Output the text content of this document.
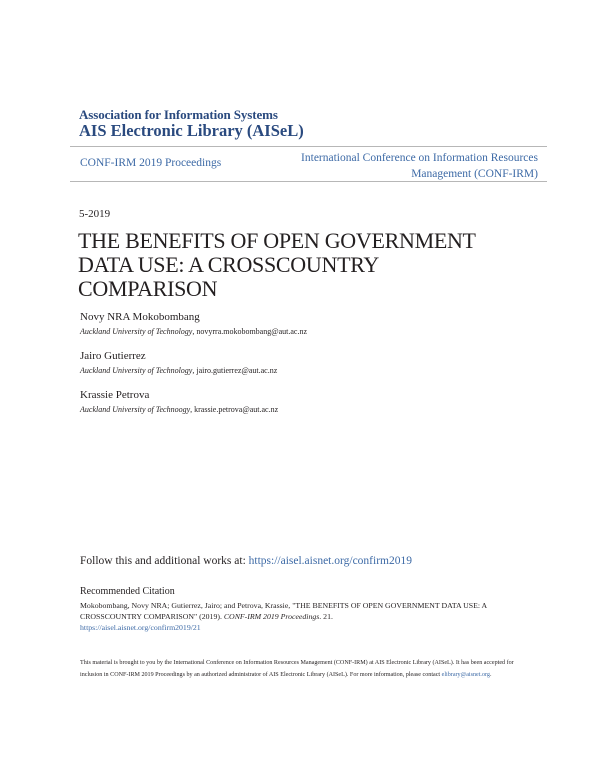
Association for Information Systems
AIS Electronic Library (AISeL)
CONF-IRM 2019 Proceedings	International Conference on Information Resources
Management (CONF-IRM)
5-2019
THE BENEFITS OF OPEN GOVERNMENT DATA USE: A CROSSCOUNTRY COMPARISON
Novy NRA Mokobombang
Auckland University of Technology, novyrra.mokobombang@aut.ac.nz
Jairo Gutierrez
Auckland University of Technology, jairo.gutierrez@aut.ac.nz
Krassie Petrova
Auckland University of Technoogy, krassie.petrova@aut.ac.nz
Follow this and additional works at: https://aisel.aisnet.org/confirm2019
Recommended Citation
Mokobombang, Novy NRA; Gutierrez, Jairo; and Petrova, Krassie, "THE BENEFITS OF OPEN GOVERNMENT DATA USE: A CROSSCOUNTRY COMPARISON" (2019). CONF-IRM 2019 Proceedings. 21.
https://aisel.aisnet.org/confirm2019/21
This material is brought to you by the International Conference on Information Resources Management (CONF-IRM) at AIS Electronic Library (AISeL). It has been accepted for inclusion in CONF-IRM 2019 Proceedings by an authorized administrator of AIS Electronic Library (AISeL). For more information, please contact elibrary@aisnet.org.
